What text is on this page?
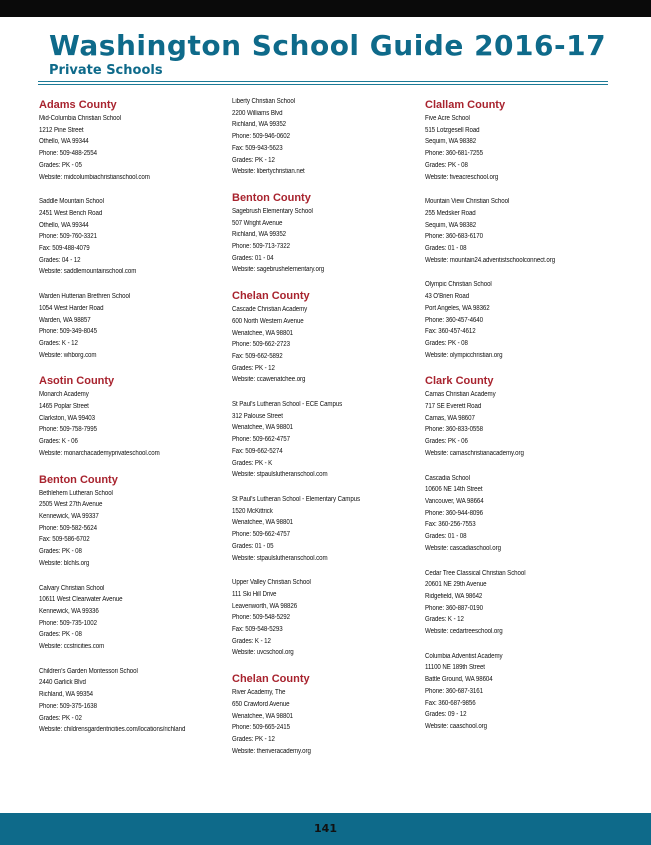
Washington School Guide 2016-17
Private Schools
Adams County
Mid-Columbia Christian School
1212 Pine Street
Othello, WA 99344
Phone: 509-488-2554
Grades: PK - 05
Website: midcolumbiachristianschool.com
Saddle Mountain School
2451 West Bench Road
Othello, WA 99344
Phone: 509-760-3321
Fax: 509-488-4079
Grades: 04 - 12
Website: saddlemountainschool.com
Warden Hutterian Brethren School
1054 West Harder Road
Warden, WA 98857
Phone: 509-349-8045
Grades: K - 12
Website: whborg.com
Asotin County
Monarch Academy
1465 Poplar Street
Clarkston, WA 99403
Phone: 509-758-7995
Grades: K - 06
Website: monarchacademyprivateschool.com
Benton County
Bethlehem Lutheran School
2505 West 27th Avenue
Kennewick, WA 99337
Phone: 509-582-5624
Fax: 509-586-6702
Grades: PK - 08
Website: blchls.org
Calvary Christian School
10611 West Clearwater Avenue
Kennewick, WA 99336
Phone: 509-735-1002
Grades: PK - 08
Website: ccstricities.com
Children's Garden Montessori School
2440 Garlick Blvd
Richland, WA 99354
Phone: 509-375-1638
Grades: PK - 02
Website: childrensgardentricities.com/locations/richland
Liberty Christian School
2200 Williams Blvd
Richland, WA 99352
Phone: 509-946-0602
Fax: 509-943-5623
Grades: PK - 12
Website: libertychristian.net
Benton County
Sagebrush Elementary School
507 Wright Avenue
Richland, WA 99352
Phone: 509-713-7322
Grades: 01 - 04
Website: sagebrushelementary.org
Chelan County
Cascade Christian Academy
600 North Western Avenue
Wenatchee, WA 98801
Phone: 509-662-2723
Fax: 509-662-5892
Grades: PK - 12
Website: ccawenatchee.org
St Paul's Lutheran School - ECE Campus
312 Palouse Street
Wenatchee, WA 98801
Phone: 509-662-4757
Fax: 509-662-5274
Grades: PK - K
Website: stpaulslutheranschool.com
St Paul's Lutheran School - Elementary Campus
1520 McKittrick
Wenatchee, WA 98801
Phone: 509-662-4757
Grades: 01 - 05
Website: stpaulslutheranschool.com
Upper Valley Christian School
111 Ski Hill Drive
Leavenworth, WA 98826
Phone: 509-548-5292
Fax: 509-548-5293
Grades: K - 12
Website: uvcschool.org
Chelan County
River Academy, The
650 Crawford Avenue
Wenatchee, WA 98801
Phone: 509-665-2415
Grades: PK - 12
Website: theriveracademy.org
Clallam County
Five Acre School
515 Lotzgesell Road
Sequim, WA 98382
Phone: 360-681-7255
Grades: PK - 08
Website: fiveacreschool.org
Mountain View Christian School
255 Medsker Road
Sequim, WA 98382
Phone: 360-683-6170
Grades: 01 - 08
Website: mountain24.adventistschoolconnect.org
Olympic Christian School
43 O'Brien Road
Port Angeles, WA 98362
Phone: 360-457-4640
Fax: 360-457-4612
Grades: PK - 08
Website: olympicchristian.org
Clark County
Camas Christian Academy
717 SE Everett Road
Camas, WA 98607
Phone: 360-833-0558
Grades: PK - 06
Website: camaschristianacademy.org
Cascadia School
10606 NE 14th Street
Vancouver, WA 98664
Phone: 360-944-8096
Fax: 360-256-7553
Grades: 01 - 08
Website: cascadiaschool.org
Cedar Tree Classical Christian School
20601 NE 29th Avenue
Ridgefield, WA 98642
Phone: 360-887-0190
Grades: K - 12
Website: cedartreeschool.org
Columbia Adventist Academy
11100 NE 189th Street
Battle Ground, WA 98604
Phone: 360-687-3161
Fax: 360-687-9856
Grades: 09 - 12
Website: caaschool.org
141
